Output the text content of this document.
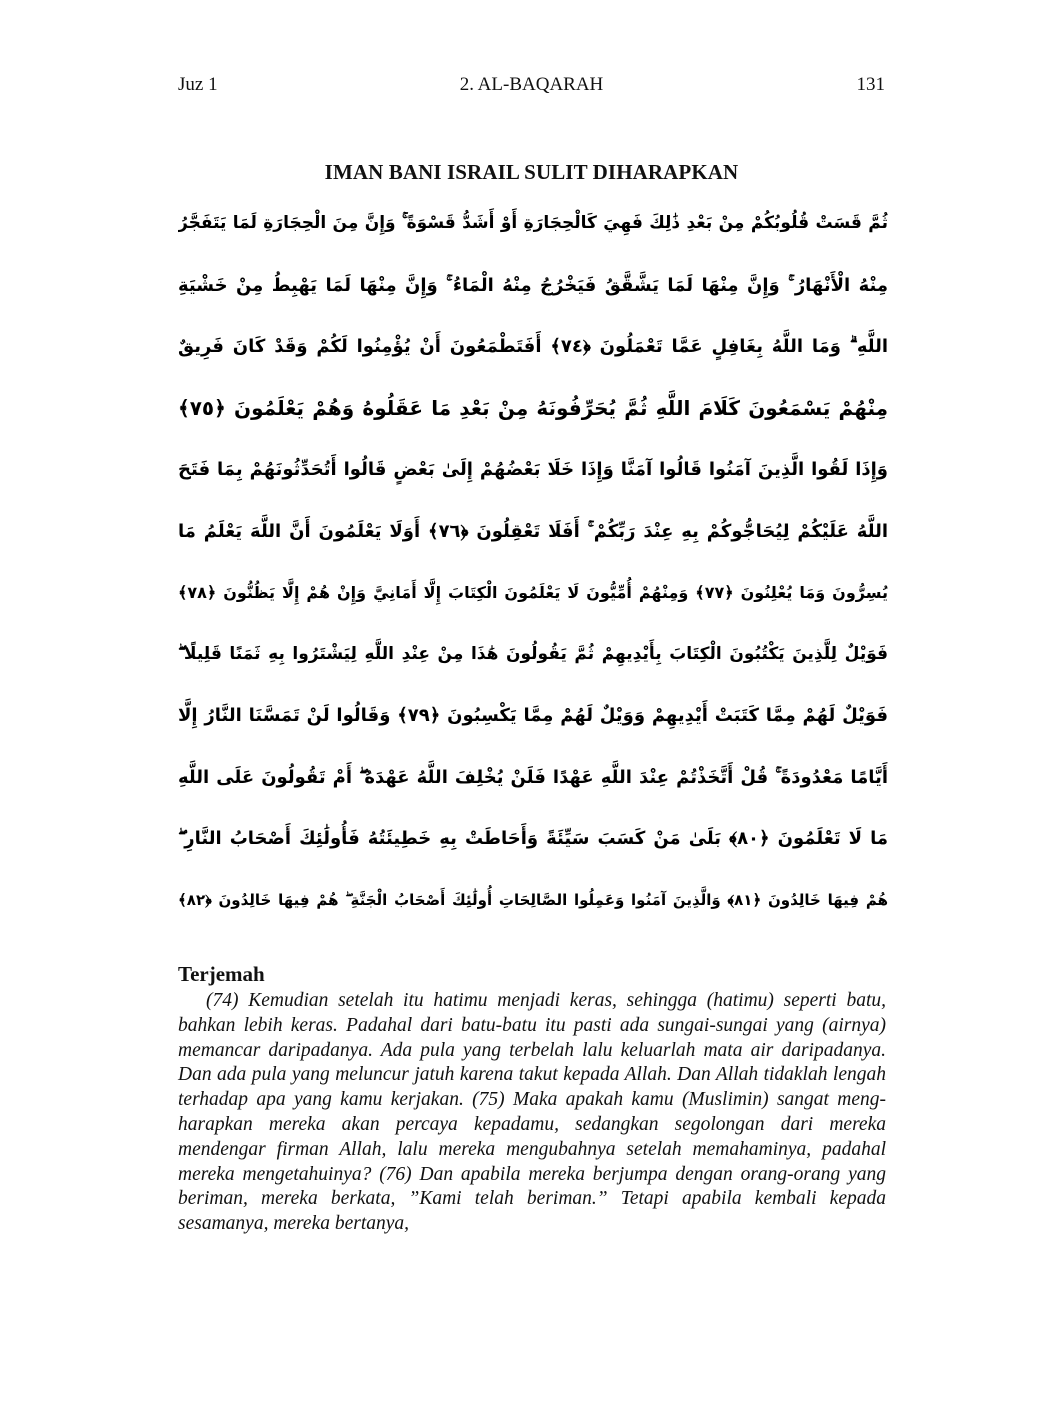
Juz 1	2. AL-BAQARAH	131
IMAN BANI ISRAIL SULIT DIHARAPKAN
ثُمَّ قَسَتْ قُلُوبُكُمْ مِنْ بَعْدِ ذَٰلِكَ فَهِيَ كَالْحِجَارَةِ أَوْ أَشَدُّ قَسْوَةً ۚ وَإِنَّ مِنَ الْحِجَارَةِ لَمَا يَتَفَجَّرُ
مِنْهُ الْأَنْهَارُ ۚ وَإِنَّ مِنْهَا لَمَا يَشَّقَّقُ فَيَخْرُجُ مِنْهُ الْمَاءُ ۚ وَإِنَّ مِنْهَا لَمَا يَهْبِطُ مِنْ خَشْيَةِ
اللَّهِ ۗ وَمَا اللَّهُ بِغَافِلٍ عَمَّا تَعْمَلُونَ ﴿٧٤﴾ أَفَتَطْمَعُونَ أَنْ يُؤْمِنُوا لَكُمْ وَقَدْ كَانَ فَرِيقٌ
مِنْهُمْ يَسْمَعُونَ كَلَامَ اللَّهِ ثُمَّ يُحَرِّفُونَهُ مِنْ بَعْدِ مَا عَقَلُوهُ وَهُمْ يَعْلَمُونَ ﴿٧٥﴾
وَإِذَا لَقُوا الَّذِينَ آمَنُوا قَالُوا آمَنَّا وَإِذَا خَلَا بَعْضُهُمْ إِلَىٰ بَعْضٍ قَالُوا أَتُحَدِّثُونَهُمْ بِمَا فَتَحَ
اللَّهُ عَلَيْكُمْ لِيُحَاجُّوكُمْ بِهِ عِنْدَ رَبِّكُمْ ۚ أَفَلَا تَعْقِلُونَ ﴿٧٦﴾ أَوَلَا يَعْلَمُونَ أَنَّ اللَّهَ يَعْلَمُ مَا
يُسِرُّونَ وَمَا يُعْلِنُونَ ﴿٧٧﴾ وَمِنْهُمْ أُمِّيُّونَ لَا يَعْلَمُونَ الْكِتَابَ إِلَّا أَمَانِيَّ وَإِنْ هُمْ إِلَّا يَظُنُّونَ ﴿٧٨﴾
فَوَيْلٌ لِلَّذِينَ يَكْتُبُونَ الْكِتَابَ بِأَيْدِيهِمْ ثُمَّ يَقُولُونَ هَٰذَا مِنْ عِنْدِ اللَّهِ لِيَشْتَرُوا بِهِ ثَمَنًا قَلِيلًا ۖ
فَوَيْلٌ لَهُمْ مِمَّا كَتَبَتْ أَيْدِيهِمْ وَوَيْلٌ لَهُمْ مِمَّا يَكْسِبُونَ ﴿٧٩﴾ وَقَالُوا لَنْ تَمَسَّنَا النَّارُ إِلَّا
أَيَّامًا مَعْدُودَةً ۚ قُلْ أَتَّخَذْتُمْ عِنْدَ اللَّهِ عَهْدًا فَلَنْ يُخْلِفَ اللَّهُ عَهْدَهُ ۖ أَمْ تَقُولُونَ عَلَى اللَّهِ
مَا لَا تَعْلَمُونَ ﴿٨٠﴾ بَلَىٰ مَنْ كَسَبَ سَيِّئَةً وَأَحَاطَتْ بِهِ خَطِيئَتُهُ فَأُولَٰئِكَ أَصْحَابُ النَّارِ ۖ
هُمْ فِيهَا خَالِدُونَ ﴿٨١﴾ وَالَّذِينَ آمَنُوا وَعَمِلُوا الصَّالِحَاتِ أُولَٰئِكَ أَصْحَابُ الْجَنَّةِ ۖ هُمْ فِيهَا خَالِدُونَ ﴿٨٢﴾
Terjemah

(74) Kemudian setelah itu hatimu menjadi keras, sehingga (hatimu) seperti batu, bahkan lebih keras. Padahal dari batu-batu itu pasti ada sungai-sungai yang (airnya) memancar daripadanya. Ada pula yang terbelah lalu keluarlah mata air daripadanya. Dan ada pula yang meluncur jatuh karena takut kepada Allah. Dan Allah tidaklah lengah terhadap apa yang kamu kerjakan. (75) Maka apakah kamu (Muslimin) sangat meng-harapkan mereka akan percaya kepadamu, sedangkan segolongan dari mereka mendengar firman Allah, lalu mereka mengubahnya setelah memahaminya, padahal mereka mengetahuinya? (76) Dan apabila mereka berjumpa dengan orang-orang yang beriman, mereka berkata, ”Kami telah beriman.” Tetapi apabila kembali kepada sesamanya, mereka bertanya,
